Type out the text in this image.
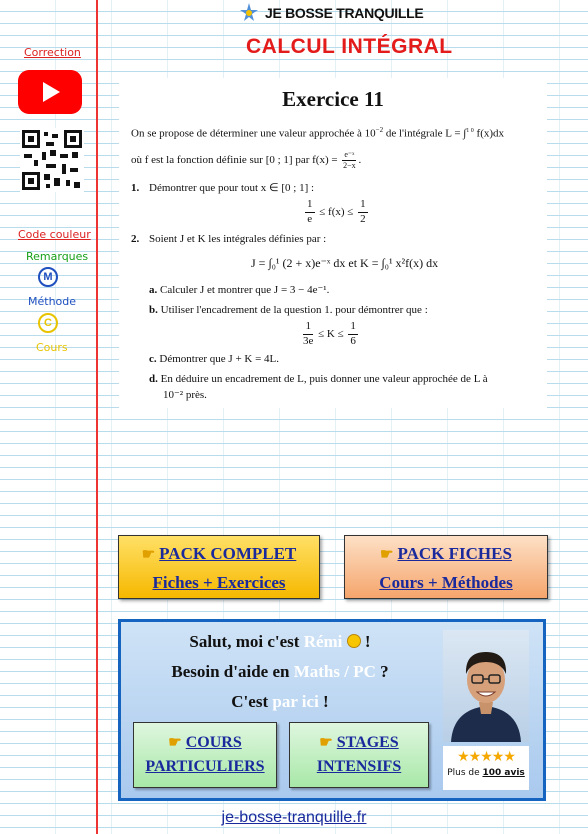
JE BOSSE TRANQUILLE
CALCUL INTÉGRAL
Correction
Code couleur
Remarques
M
Méthode
C
Cours
Exercice 11
On se propose de déterminer une valeur approchée à $10^{-2}$ de l'intégrale L = ∫$^{1 0}$ f(x)dx
où f est la fonction définie sur [0 ; 1] par $f(x) = \frac{\text{e⁻ˣ}}{2-x}$ .
1. Démontrer que pour tout x ∈ [0 ; 1] :
$\frac{1}{e} \le f(x) \le \frac{1}{2}$
2. Soient J et K les intégrales définies par :
J = ∫₀¹ (2 + x)e⁻ˣ dx et K = ∫₀¹ x²f(x) dx
a. Calculer J et montrer que J = 3 − 4e⁻¹.
b. Utiliser l'encadrement de la question 1. pour démontrer que :
$\frac{1}{3e} \le K \le \frac{1}{6}$
c. Démontrer que J + K = 4L.
d. En déduire un encadrement de L, puis donner une valeur approchée de L à
10⁻² près.
☛ PACK COMPLET
Fiches + Exercices
☛ PACK FICHES
Cours + Méthodes
Salut, moi c'est Rémi  !
Besoin d'aide en Maths / PC ?
C'est par ici !
☛ COURS
PARTICULIERS
☛ STAGES
INTENSIFS
★★★★★
Plus de 100 avis
je-bosse-tranquille.fr
